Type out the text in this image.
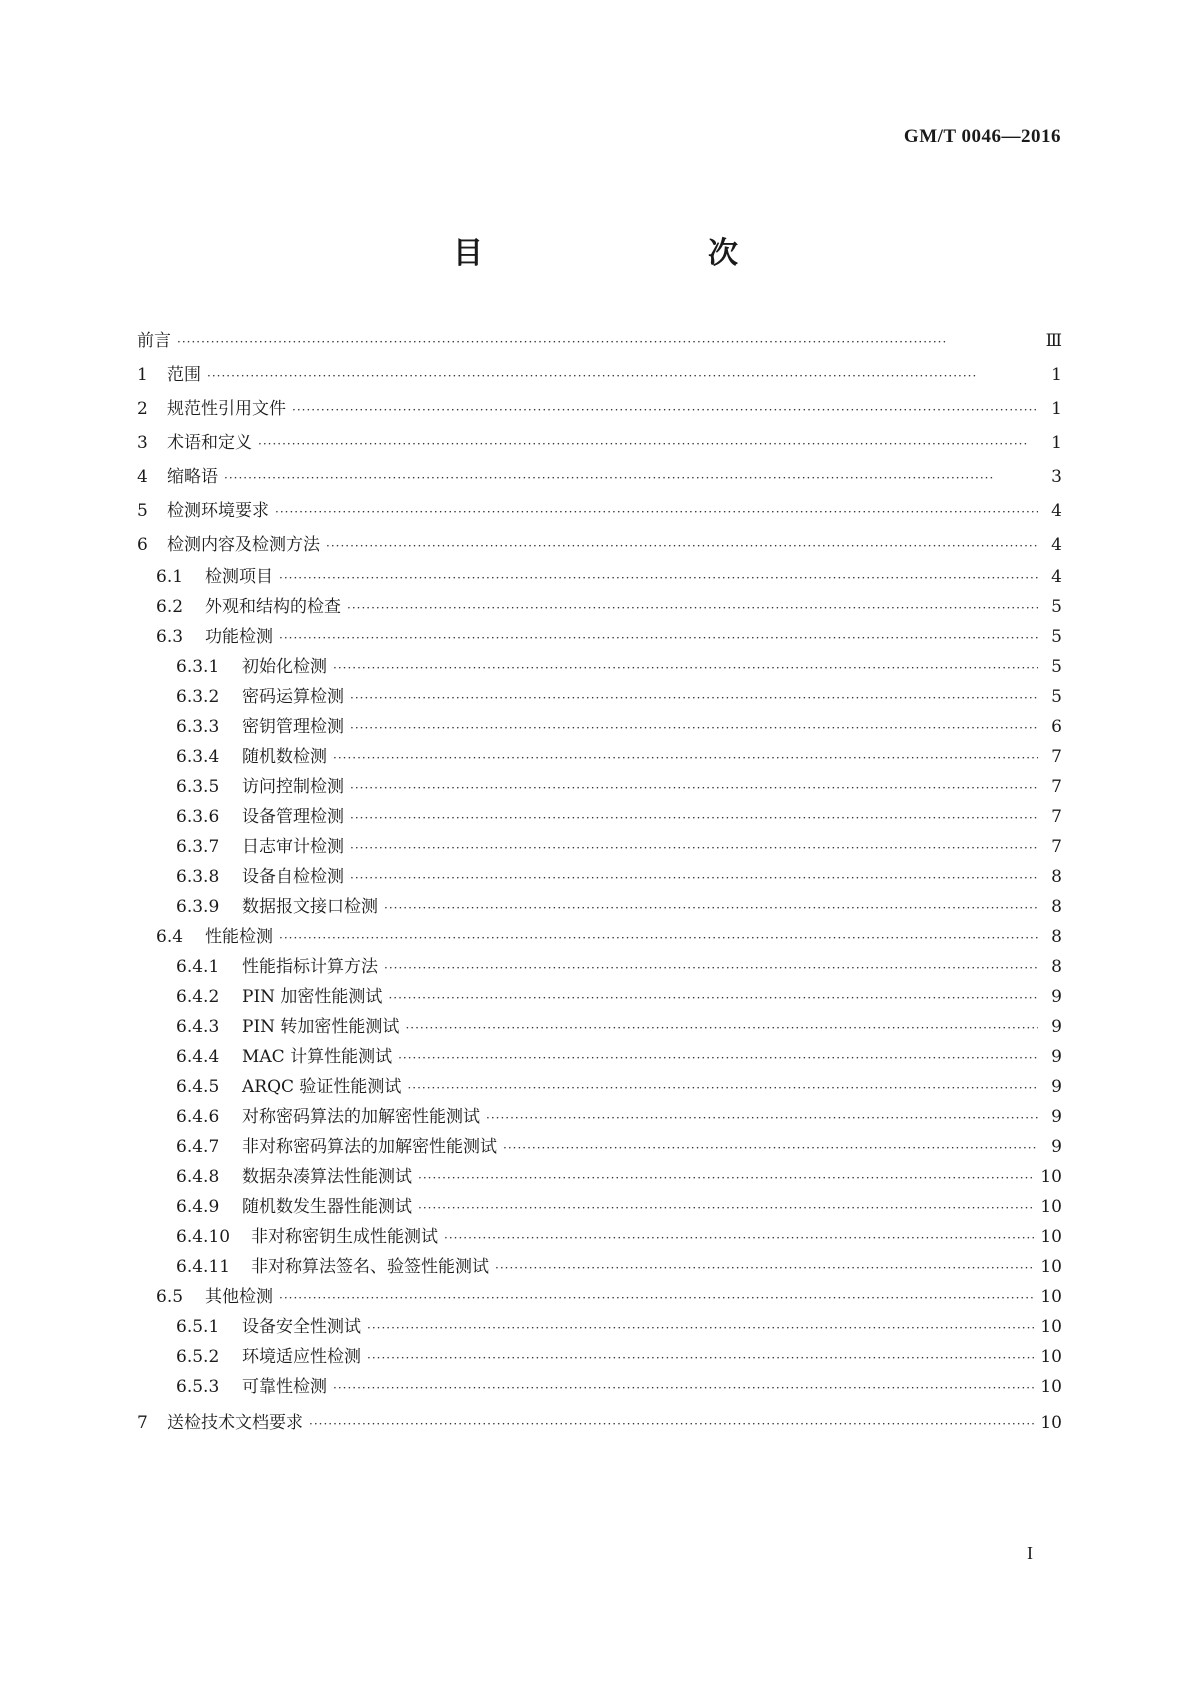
GM/T 0046—2016
目　　次
前言 ·····	Ⅲ
1	范围 ·····	1
2	规范性引用文件 ·····	1
3	术语和定义 ·····	1
4	缩略语 ·····	3
5	检测环境要求 ·····	4
6	检测内容及检测方法 ·····	4
6.1	检测项目 ·····	4
6.2	外观和结构的检查 ·····	5
6.3	功能检测 ·····	5
6.3.1	初始化检测 ·····	5
6.3.2	密码运算检测 ·····	5
6.3.3	密钥管理检测 ·····	6
6.3.4	随机数检测 ·····	7
6.3.5	访问控制检测 ·····	7
6.3.6	设备管理检测 ·····	7
6.3.7	日志审计检测 ·····	7
6.3.8	设备自检检测 ·····	8
6.3.9	数据报文接口检测 ·····	8
6.4	性能检测 ·····	8
6.4.1	性能指标计算方法 ·····	8
6.4.2	PIN 加密性能测试 ·····	9
6.4.3	PIN 转加密性能测试 ·····	9
6.4.4	MAC 计算性能测试 ·····	9
6.4.5	ARQC 验证性能测试 ·····	9
6.4.6	对称密码算法的加解密性能测试 ·····	9
6.4.7	非对称密码算法的加解密性能测试 ·····	9
6.4.8	数据杂凑算法性能测试 ·····	10
6.4.9	随机数发生器性能测试 ·····	10
6.4.10	非对称密钥生成性能测试 ·····	10
6.4.11	非对称算法签名、验签性能测试 ·····	10
6.5	其他检测 ·····	10
6.5.1	设备安全性测试 ·····	10
6.5.2	环境适应性检测 ·····	10
6.5.3	可靠性检测 ·····	10
7	送检技术文档要求 ·····	10
I
